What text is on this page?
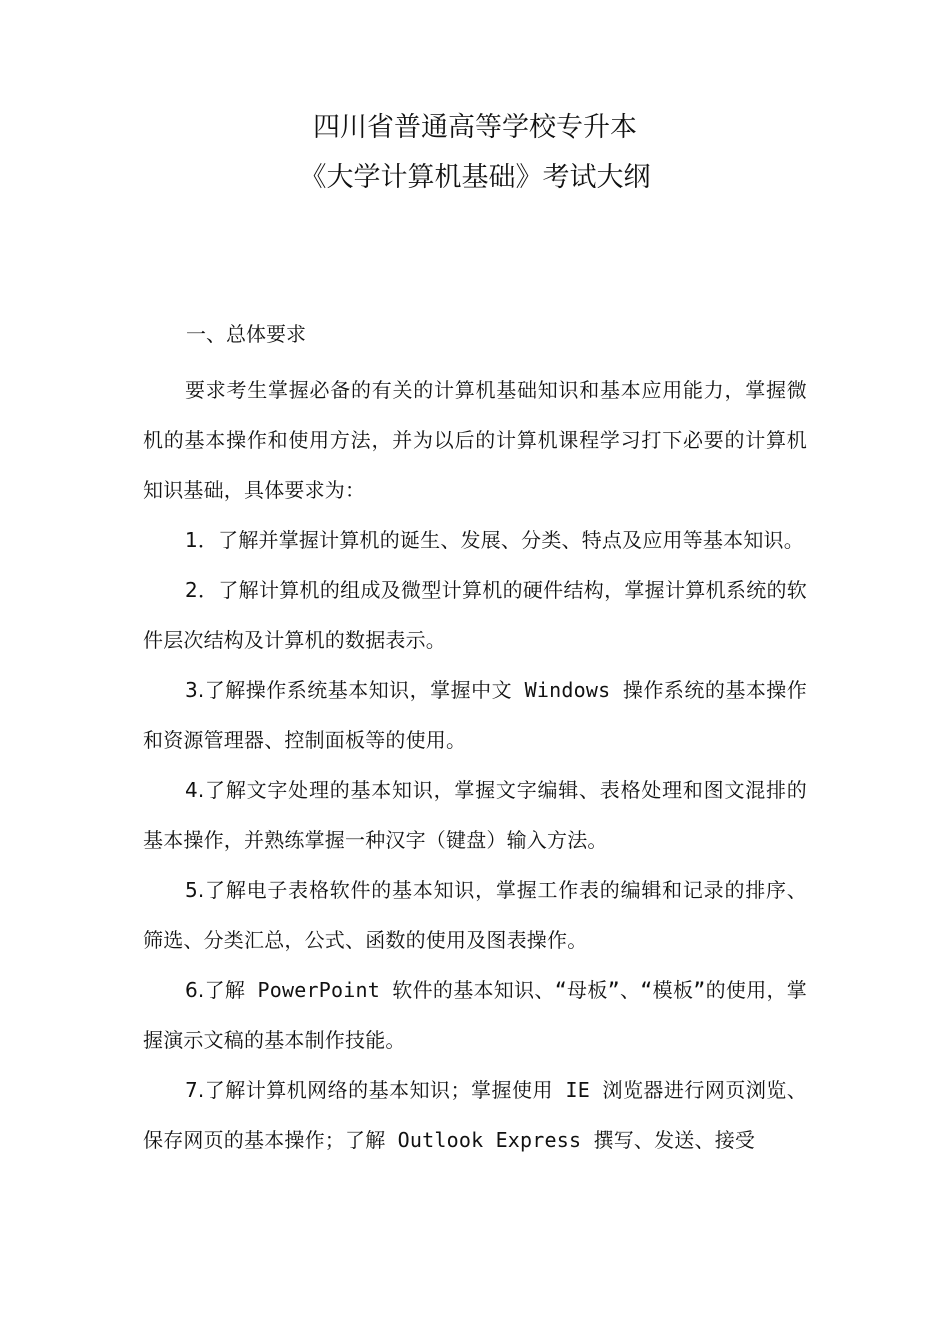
四川省普通高等学校专升本
《大学计算机基础》考试大纲
一、总体要求

要求考生掌握必备的有关的计算机基础知识和基本应用能力，掌握微机的基本操作和使用方法，并为以后的计算机课程学习打下必要的计算机知识基础，具体要求为：

1．了解并掌握计算机的诞生、发展、分类、特点及应用等基本知识。

2．了解计算机的组成及微型计算机的硬件结构，掌握计算机系统的软件层次结构及计算机的数据表示。

3.了解操作系统基本知识，掌握中文 Windows 操作系统的基本操作和资源管理器、控制面板等的使用。

4.了解文字处理的基本知识，掌握文字编辑、表格处理和图文混排的基本操作，并熟练掌握一种汉字（键盘）输入方法。

5.了解电子表格软件的基本知识，掌握工作表的编辑和记录的排序、筛选、分类汇总，公式、函数的使用及图表操作。

6.了解 PowerPoint 软件的基本知识、“母板”、“模板”的使用，掌握演示文稿的基本制作技能。

7.了解计算机网络的基本知识；掌握使用 IE 浏览器进行网页浏览、保存网页的基本操作；了解 Outlook Express 撰写、发送、接受
